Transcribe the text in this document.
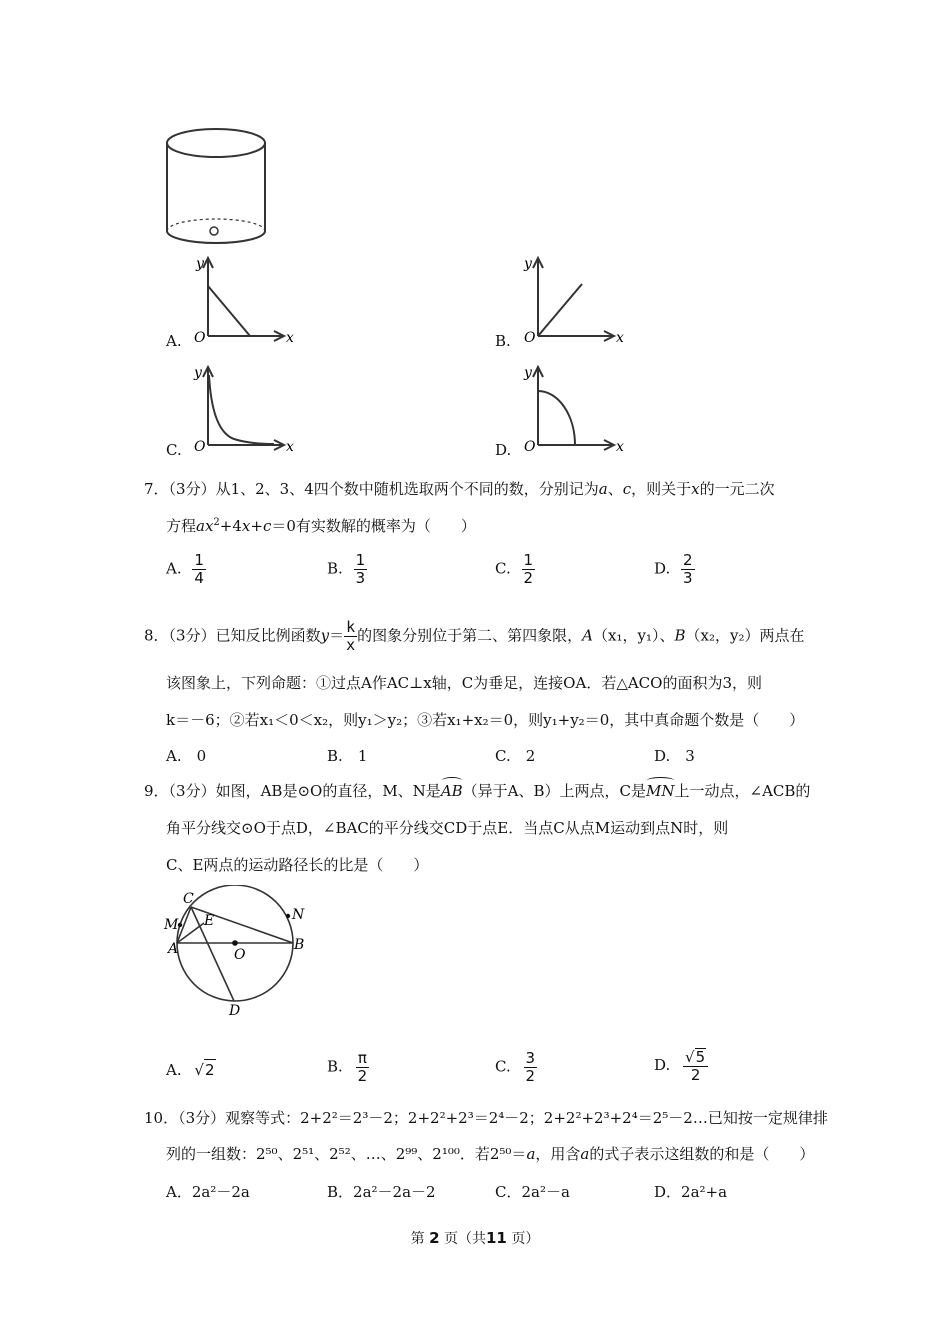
A.
y
O	x	B.
y
O	x
C.
y
O	x	D.
y
O	x
7．（3分）从1、2、3、4四个数中随机选取两个不同的数，分别记为a、c，则关于x的一元二次
方程$ax^2+4x+c=0$有实数解的概率为（　　）
A. $\frac{1}{4}$	B. $\frac{1}{3}$	C. $\frac{1}{2}$	D. $\frac{2}{3}$
8．（3分）已知反比例函数$y= \frac{k}{x}$ 的图象分别位于第二、第四象限，A（x₁，y₁）、B（x₂，y₂）两点在
该图象上，下列命题：①过点A作AC⊥x轴，C为垂足，连接OA．若△ACO的面积为3，则
k＝－6；②若x₁＜0＜x₂，则y₁＞y₂；③若x₁+x₂＝0，则y₁+y₂＝0，其中真命题个数是（　　）
A.　 0	B.　 1	C.　 2	D.　 3
9．（3分）如图，AB是⊙O的直径，M、N是AB（异于A、B）上两点，C是MN上一动点，∠ACB的
角平分线交⊙O于点D，∠BAC的平分线交CD于点E．当点C从点M运动到点N时，则
C、E两点的运动路径长的比是（　　）
C
M E
A	O
B
N
D
A. √2	B. $\frac{\pi}{2}$	C. $\frac{3}{2}$	D. $\frac{√5}{2}$
10．（3分）观察等式：2+2²＝2³－2；2+2²+2³＝2⁴－2；2+2²+2³+2⁴＝2⁵－2…已知按一定规律排
列的一组数：2⁵⁰、2⁵¹、2⁵²、…、2⁹⁹、2¹⁰⁰．若2⁵⁰＝a，用含a的式子表示这组数的和是（　　）
A．2a²－2a	B．2a²－2a－2	C．2a²－a	D．2a²+a
第 2 页（共11 页）
